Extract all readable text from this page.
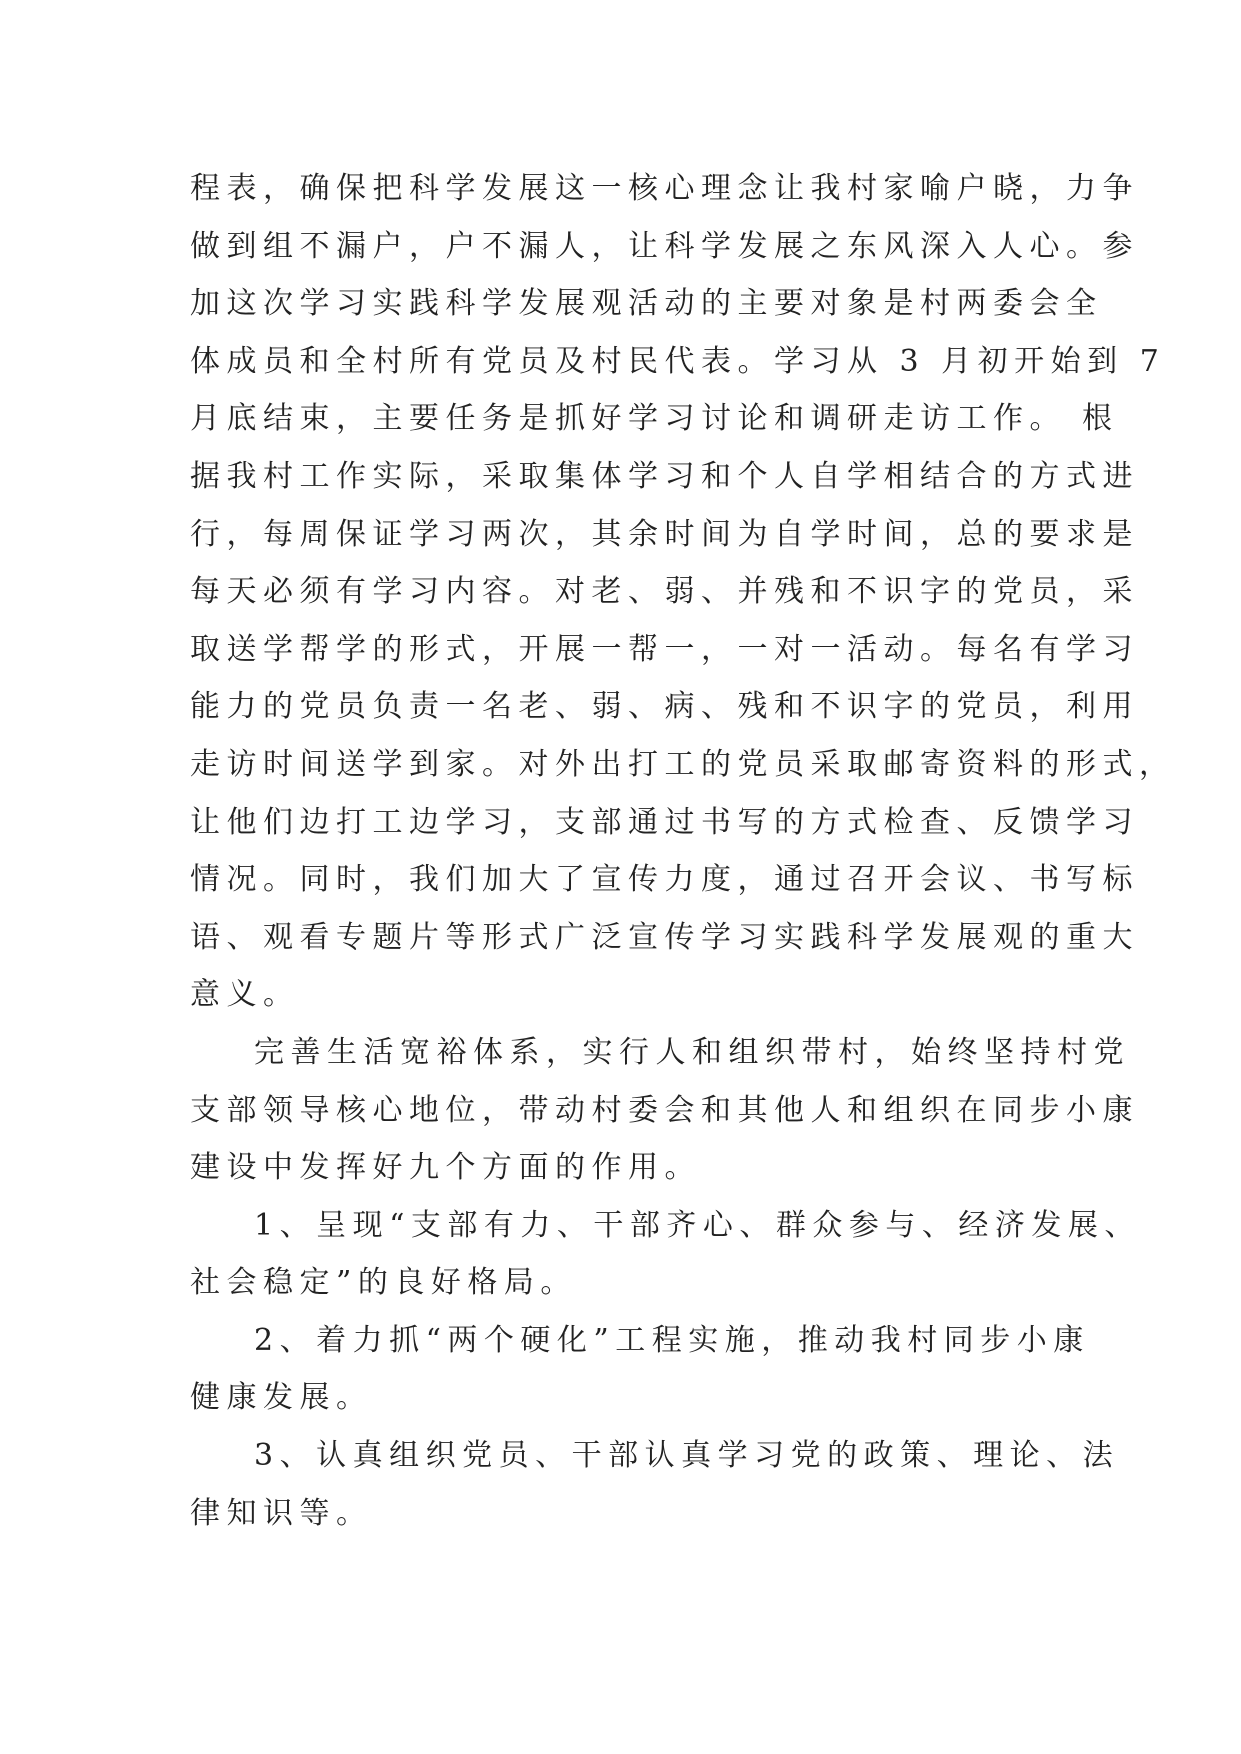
程表，确保把科学发展这一核心理念让我村家喻户晓，力争
做到组不漏户，户不漏人，让科学发展之东风深入人心。参
加这次学习实践科学发展观活动的主要对象是村两委会全
体成员和全村所有党员及村民代表。学习从 3 月初开始到 7
月底结束，主要任务是抓好学习讨论和调研走访工作。 根
据我村工作实际，采取集体学习和个人自学相结合的方式进
行，每周保证学习两次，其余时间为自学时间，总的要求是
每天必须有学习内容。对老、弱、并残和不识字的党员，采
取送学帮学的形式，开展一帮一，一对一活动。每名有学习
能力的党员负责一名老、弱、病、残和不识字的党员，利用
走访时间送学到家。对外出打工的党员采取邮寄资料的形式，
让他们边打工边学习，支部通过书写的方式检查、反馈学习
情况。同时，我们加大了宣传力度，通过召开会议、书写标
语、观看专题片等形式广泛宣传学习实践科学发展观的重大
意义。

完善生活宽裕体系，实行人和组织带村，始终坚持村党
支部领导核心地位，带动村委会和其他人和组织在同步小康
建设中发挥好九个方面的作用。

1、呈现“支部有力、干部齐心、群众参与、经济发展、
社会稳定”的良好格局。

2、着力抓“两个硬化”工程实施，推动我村同步小康
健康发展。

3、认真组织党员、干部认真学习党的政策、理论、法
律知识等。
